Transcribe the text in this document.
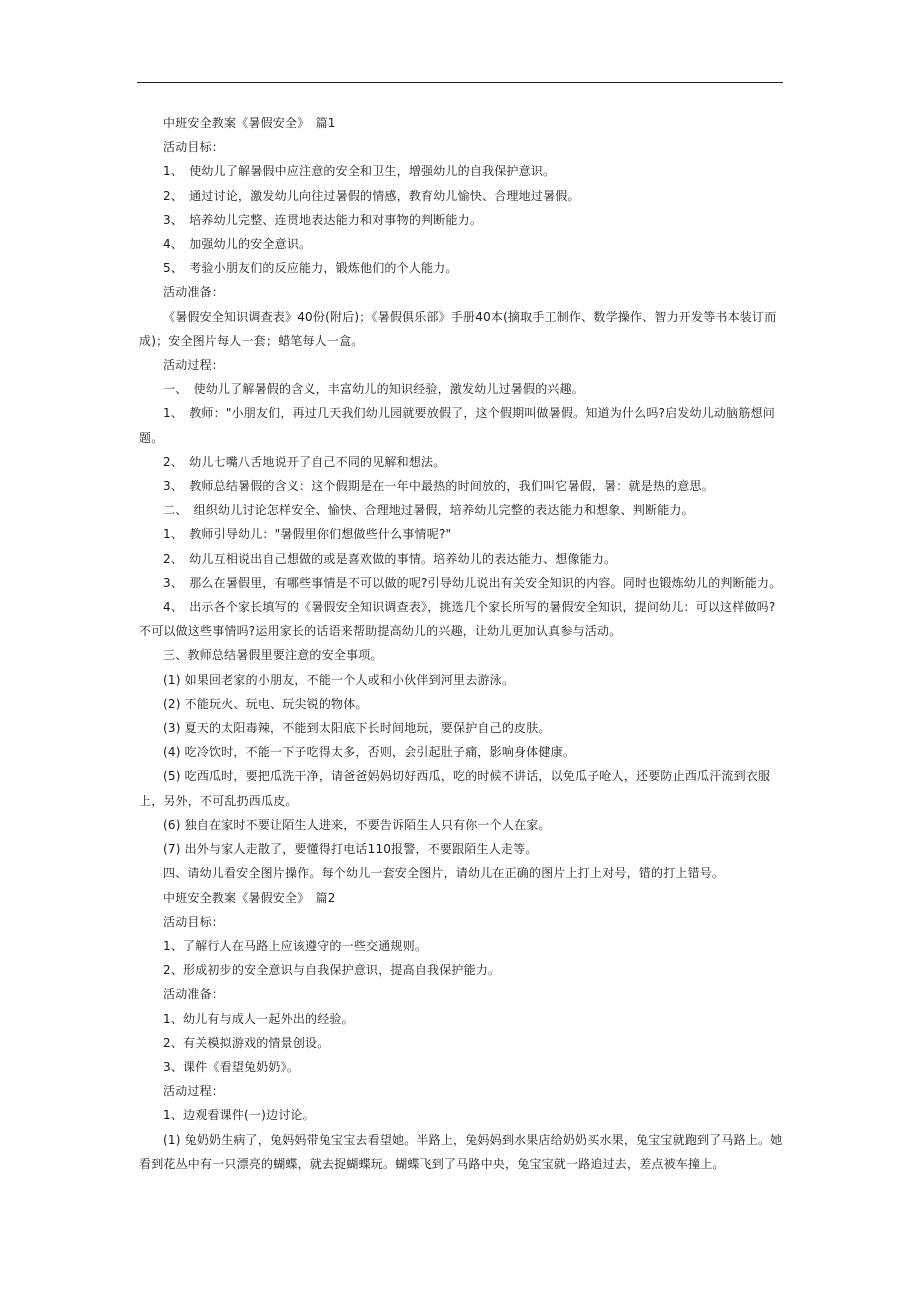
中班安全教案《暑假安全》　篇1

活动目标：

1、　使幼儿了解暑假中应注意的安全和卫生，增强幼儿的自我保护意识。

2、　通过讨论，激发幼儿向往过暑假的情感，教育幼儿愉快、合理地过暑假。

3、　培养幼儿完整、连贯地表达能力和对事物的判断能力。

4、　加强幼儿的安全意识。

5、　考验小朋友们的反应能力，锻炼他们的个人能力。

活动准备：

《暑假安全知识调查表》40份(附后)；《暑假俱乐部》手册40本(摘取手工制作、数学操作、智力开发等书本装订而成)；安全图片每人一套；蜡笔每人一盒。

活动过程：

一、　使幼儿了解暑假的含义，丰富幼儿的知识经验，激发幼儿过暑假的兴趣。

1、　教师："小朋友们，再过几天我们幼儿园就要放假了，这个假期叫做暑假。知道为什么吗?启发幼儿动脑筋想问题。

2、　幼儿七嘴八舌地说开了自己不同的见解和想法。

3、　教师总结暑假的含义：这个假期是在一年中最热的时间放的，我们叫它暑假，暑：就是热的意思。

二、　组织幼儿讨论怎样安全、愉快、合理地过暑假，培养幼儿完整的表达能力和想象、判断能力。

1、　教师引导幼儿："暑假里你们想做些什么事情呢?"

2、　幼儿互相说出自己想做的或是喜欢做的事情。培养幼儿的表达能力、想像能力。

3、　那么在暑假里，有哪些事情是不可以做的呢?引导幼儿说出有关安全知识的内容。同时也锻炼幼儿的判断能力。

4、　出示各个家长填写的《暑假安全知识调查表》，挑选几个家长所写的暑假安全知识，提问幼儿：可以这样做吗?不可以做这些事情吗?运用家长的话语来帮助提高幼儿的兴趣，让幼儿更加认真参与活动。

三、教师总结暑假里要注意的安全事项。

(1) 如果回老家的小朋友，不能一个人或和小伙伴到河里去游泳。

(2) 不能玩火、玩电、玩尖锐的物体。

(3) 夏天的太阳毒辣，不能到太阳底下长时间地玩，要保护自己的皮肤。

(4) 吃冷饮时，不能一下子吃得太多，否则，会引起肚子痛，影响身体健康。

(5) 吃西瓜时，要把瓜洗干净，请爸爸妈妈切好西瓜，吃的时候不讲话，以免瓜子呛人，还要防止西瓜汗流到衣服上，另外，不可乱扔西瓜皮。

(6) 独自在家时不要让陌生人进来，不要告诉陌生人只有你一个人在家。

(7) 出外与家人走散了，要懂得打电话110报警，不要跟陌生人走等。

四、请幼儿看安全图片操作。每个幼儿一套安全图片，请幼儿在正确的图片上打上对号，错的打上错号。

中班安全教案《暑假安全》　篇2

活动目标：

1、了解行人在马路上应该遵守的一些交通规则。

2、形成初步的安全意识与自我保护意识，提高自我保护能力。

活动准备：

1、幼儿有与成人一起外出的经验。

2、有关模拟游戏的情景创设。

3、课件《看望兔奶奶》。

活动过程：

1、边观看课件(一)边讨论。

(1) 兔奶奶生病了，兔妈妈带兔宝宝去看望她。半路上，兔妈妈到水果店给奶奶买水果，兔宝宝就跑到了马路上。她看到花丛中有一只漂亮的蝴蝶，就去捉蝴蝶玩。蝴蝶飞到了马路中央，兔宝宝就一路追过去，差点被车撞上。
